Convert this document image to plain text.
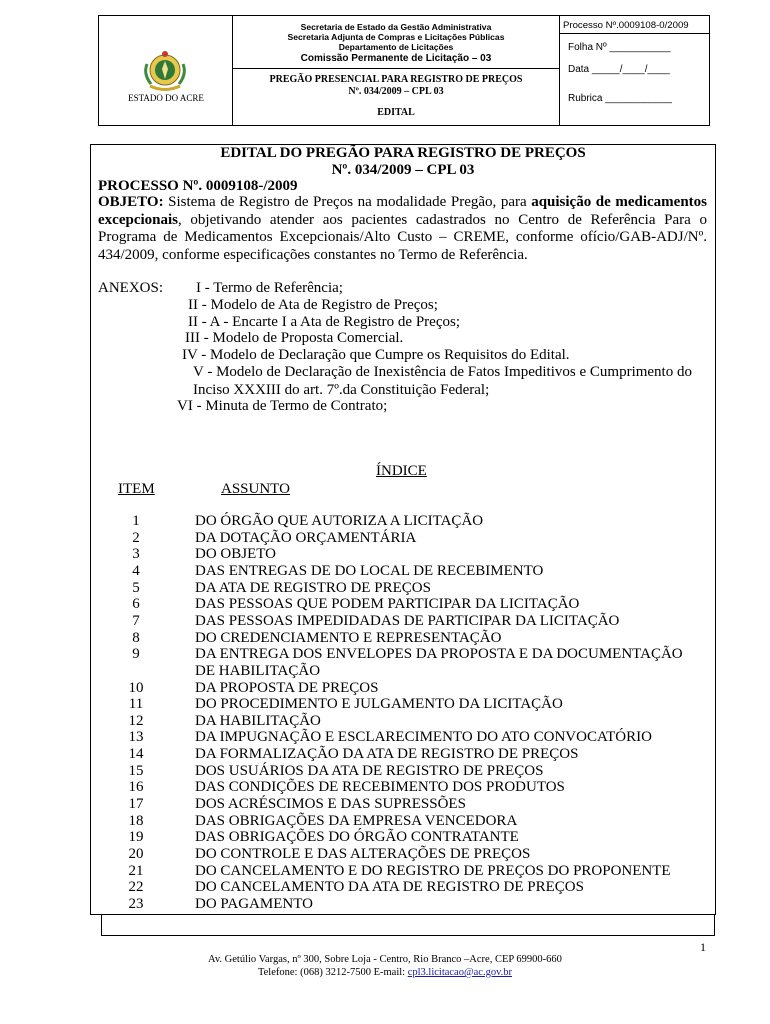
ESTADO DO ACRE
Secretaria de Estado da Gestão Administrativa
Secretaria Adjunta de Compras e Licitações Públicas
Departamento de Licitações
Comissão Permanente de Licitação – 03
PREGÃO PRESENCIAL PARA REGISTRO DE PREÇOS
Nº. 034/2009 – CPL 03
EDITAL
Processo Nº.0009108-0/2009
Folha Nº ___________
Data _____/____/____
Rubrica ____________
EDITAL DO PREGÃO PARA REGISTRO DE PREÇOS
Nº. 034/2009 – CPL 03
PROCESSO Nº. 0009108-/2009
OBJETO: Sistema de Registro de Preços na modalidade Pregão, para aquisição de medicamentos excepcionais, objetivando atender aos pacientes cadastrados no Centro de Referência Para o Programa de Medicamentos Excepcionais/Alto Custo – CREME, conforme ofício/GAB-ADJ/Nº. 434/2009, conforme especificações constantes no Termo de Referência.
ANEXOS: I - Termo de Referência;
II - Modelo de Ata de Registro de Preços;
II - A - Encarte I a Ata de Registro de Preços;
III - Modelo de Proposta Comercial.
IV - Modelo de Declaração que Cumpre os Requisitos do Edital.
V - Modelo de Declaração de Inexistência de Fatos Impeditivos e Cumprimento do Inciso XXXIII do art. 7º.da Constituição Federal;
VI - Minuta de Termo de Contrato;
ÍNDICE
ITEM	ASSUNTO
1	DO ÓRGÃO QUE AUTORIZA A LICITAÇÃO
2	DA DOTAÇÃO ORÇAMENTÁRIA
3	DO OBJETO
4	DAS ENTREGAS DE DO LOCAL DE RECEBIMENTO
5	DA ATA DE REGISTRO DE PREÇOS
6	DAS PESSOAS QUE PODEM PARTICIPAR DA LICITAÇÃO
7	DAS PESSOAS IMPEDIDADAS DE PARTICIPAR DA LICITAÇÃO
8	DO CREDENCIAMENTO E REPRESENTAÇÃO
9	DA ENTREGA DOS ENVELOPES DA PROPOSTA E DA DOCUMENTAÇÃO
DE HABILITAÇÃO
10	DA PROPOSTA DE PREÇOS
11	DO PROCEDIMENTO E JULGAMENTO DA LICITAÇÃO
12	DA HABILITAÇÃO
13	DA IMPUGNAÇÃO E ESCLARECIMENTO DO ATO CONVOCATÓRIO
14	DA FORMALIZAÇÃO DA ATA DE REGISTRO DE PREÇOS
15	DOS USUÁRIOS DA ATA DE REGISTRO DE PREÇOS
16	DAS CONDIÇÕES DE RECEBIMENTO DOS PRODUTOS
17	DOS ACRÉSCIMOS E DAS SUPRESSÕES
18	DAS OBRIGAÇÕES DA EMPRESA VENCEDORA
19	DAS OBRIGAÇÕES DO ÓRGÃO CONTRATANTE
20	DO CONTROLE E DAS ALTERAÇÕES DE PREÇOS
21	DO CANCELAMENTO E DO REGISTRO DE PREÇOS DO PROPONENTE
22	DO CANCELAMENTO DA ATA DE REGISTRO DE PREÇOS
23	DO PAGAMENTO
1
Av. Getúlio Vargas, nº 300, Sobre Loja - Centro, Rio Branco –Acre, CEP 69900-660
Telefone: (068) 3212-7500 E-mail: cpl3.licitacao@ac.gov.br
